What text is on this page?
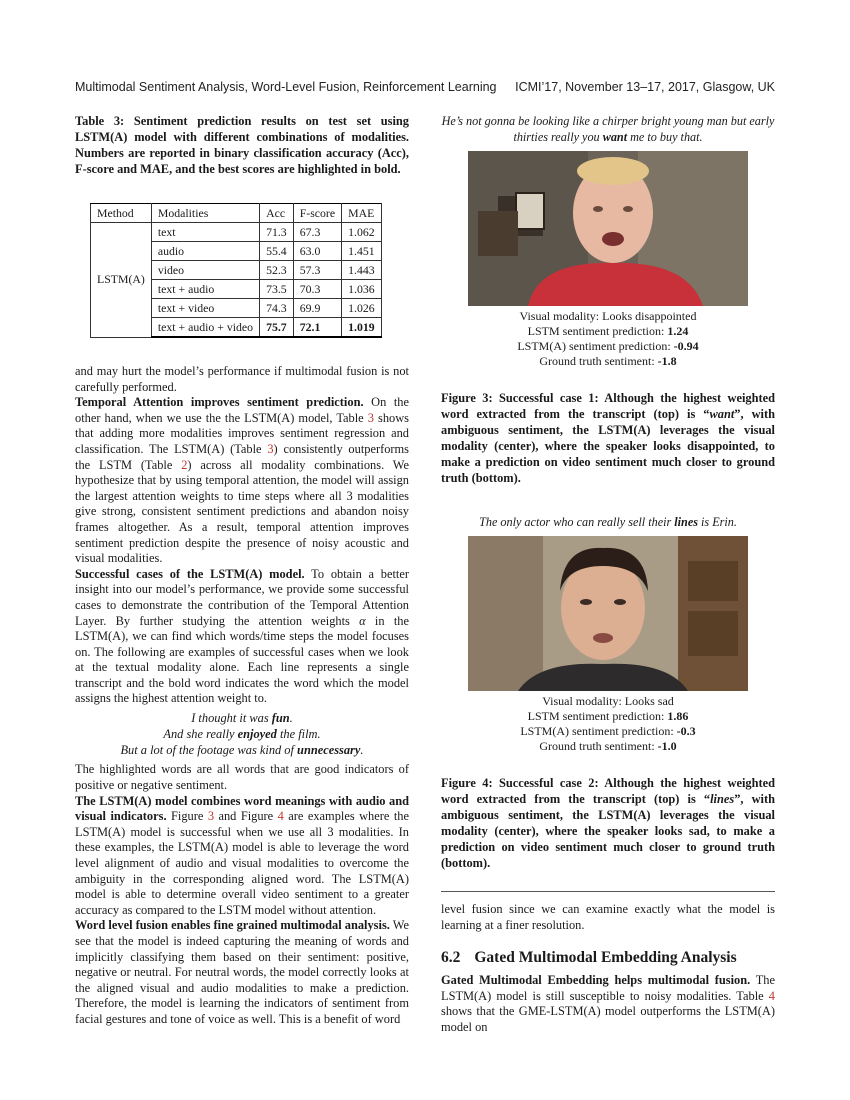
Multimodal Sentiment Analysis, Word-Level Fusion, Reinforcement Learning ICMI’17, November 13–17, 2017, Glasgow, UK

Table 3: Sentiment prediction results on test set using LSTM(A) model with different combinations of modalities. Numbers are reported in binary classification accuracy (Acc), F-score and MAE, and the best scores are highlighted in bold.

Method	Modalities	Acc	F-score	MAE
LSTM(A)	text	71.3	67.3	1.062
	audio	55.4	63.0	1.451
	video	52.3	57.3	1.443
	text + audio	73.5	70.3	1.036
	text + video	74.3	69.9	1.026
	text + audio + video	75.7	72.1	1.019

and may hurt the model’s performance if multimodal fusion is not carefully performed.

Temporal Attention improves sentiment prediction. On the other hand, when we use the the LSTM(A) model, Table 3 shows that adding more modalities improves sentiment regression and classification. The LSTM(A) (Table 3) consistently outperforms the LSTM (Table 2) across all modality combinations. We hypothesize that by using temporal attention, the model will assign the largest attention weights to time steps where all 3 modalities give strong, consistent sentiment predictions and abandon noisy frames altogether. As a result, temporal attention improves sentiment prediction despite the presence of noisy acoustic and visual modalities.

Successful cases of the LSTM(A) model. To obtain a better insight into our model’s performance, we provide some successful cases to demonstrate the contribution of the Temporal Attention Layer. By further studying the attention weights α in the LSTM(A), we can find which words/time steps the model focuses on. The following are examples of successful cases when we look at the textual modality alone. Each line represents a single transcript and the bold word indicates the word which the model assigns the highest attention weight to.

I thought it was fun.
And she really enjoyed the film.
But a lot of the footage was kind of unnecessary.

The highlighted words are all words that are good indicators of positive or negative sentiment.

The LSTM(A) model combines word meanings with audio and visual indicators. Figure 3 and Figure 4 are examples where the LSTM(A) model is successful when we use all 3 modalities. In these examples, the LSTM(A) model is able to leverage the word level alignment of audio and visual modalities to overcome the ambiguity in the corresponding aligned word. The LSTM(A) model is able to determine overall video sentiment to a greater accuracy as compared to the LSTM model without attention.

Word level fusion enables fine grained multimodal analysis. We see that the model is indeed capturing the meaning of words and implicitly classifying them based on their sentiment: positive, negative or neutral. For neutral words, the model correctly looks at the aligned visual and audio modalities to make a prediction. Therefore, the model is learning the indicators of sentiment from facial gestures and tone of voice as well. This is a benefit of word

He’s not gonna be looking like a chirper bright young man but early thirties really you want me to buy that.
Visual modality: Looks disappointed
LSTM sentiment prediction: 1.24
LSTM(A) sentiment prediction: -0.94
Ground truth sentiment: -1.8

Figure 3: Successful case 1: Although the highest weighted word extracted from the transcript (top) is “want”, with ambiguous sentiment, the LSTM(A) leverages the visual modality (center), where the speaker looks disappointed, to make a prediction on video sentiment much closer to ground truth (bottom).

The only actor who can really sell their lines is Erin.
Visual modality: Looks sad
LSTM sentiment prediction: 1.86
LSTM(A) sentiment prediction: -0.3
Ground truth sentiment: -1.0

Figure 4: Successful case 2: Although the highest weighted word extracted from the transcript (top) is “lines”, with ambiguous sentiment, the LSTM(A) leverages the visual modality (center), where the speaker looks sad, to make a prediction on video sentiment much closer to ground truth (bottom).

level fusion since we can examine exactly what the model is learning at a finer resolution.

6.2 Gated Multimodal Embedding Analysis

Gated Multimodal Embedding helps multimodal fusion. The LSTM(A) model is still susceptible to noisy modalities. Table 4 shows that the GME-LSTM(A) model outperforms the LSTM(A) model on
